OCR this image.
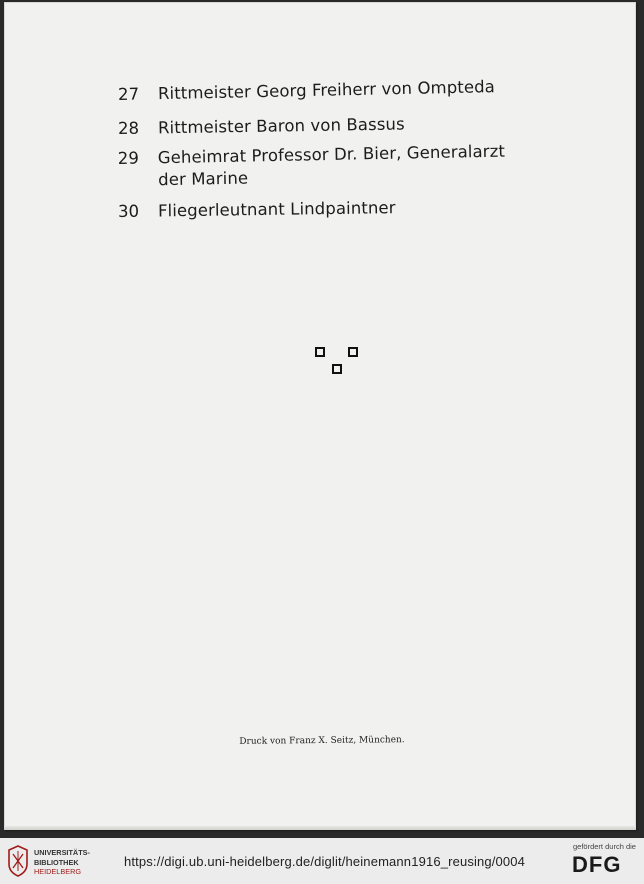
27 Rittmeister Georg Freiherr von Ompteda
28 Rittmeister Baron von Bassus
29 Geheimrat Professor Dr. Bier, Generalarzt der Marine
30 Fliegerleutnant Lindpaintner
Druck von Franz X. Seitz, München.
UNIVERSITÄTS-
BIBLIOTHEK
HEIDELBERG
https://digi.ub.uni-heidelberg.de/diglit/heinemann1916_reusing/0004
gefördert durch die
DFG
